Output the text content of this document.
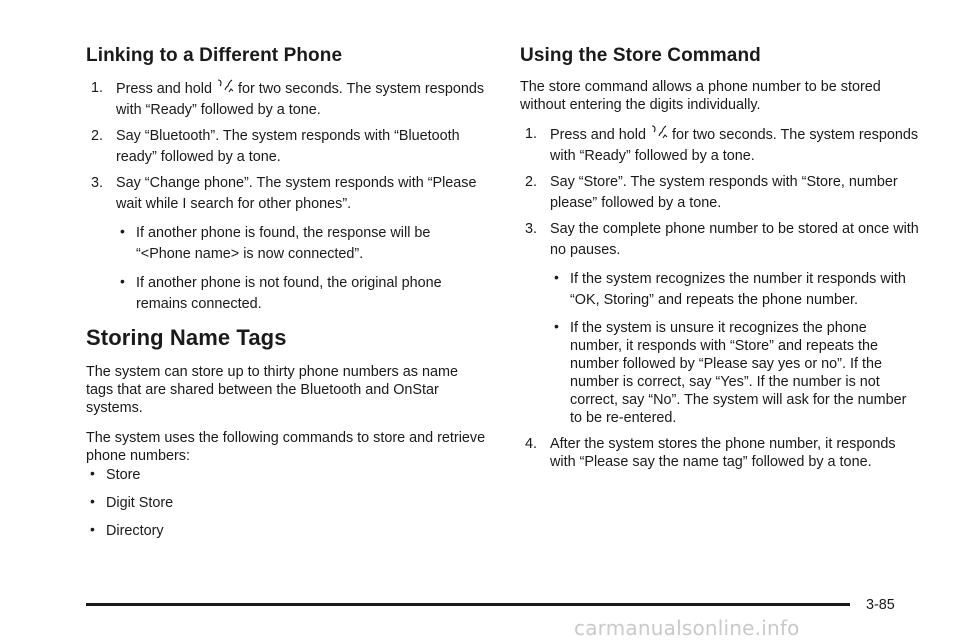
Linking to a Different Phone
1. Press and hold for two seconds. The system responds with “Ready” followed by a tone.
2. Say “Bluetooth”. The system responds with “Bluetooth ready” followed by a tone.
3. Say “Change phone”. The system responds with “Please wait while I search for other phones”.
• If another phone is found, the response will be “<Phone name> is now connected”.
• If another phone is not found, the original phone remains connected.
Storing Name Tags

The system can store up to thirty phone numbers as name tags that are shared between the Bluetooth and OnStar systems.

The system uses the following commands to store and retrieve phone numbers:

• Store
• Digit Store
• Directory
Using the Store Command

The store command allows a phone number to be stored without entering the digits individually.

1. Press and hold for two seconds. The system responds with “Ready” followed by a tone.
2. Say “Store”. The system responds with “Store, number please” followed by a tone.
3. Say the complete phone number to be stored at once with no pauses.
• If the system recognizes the number it responds with “OK, Storing” and repeats the phone number.
• If the system is unsure it recognizes the phone number, it responds with “Store” and repeats the number followed by “Please say yes or no”. If the number is correct, say “Yes”. If the number is not correct, say “No”. The system will ask for the number to be re-entered.
4. After the system stores the phone number, it responds with “Please say the name tag” followed by a tone.
3-85
carmanualsonline.info
